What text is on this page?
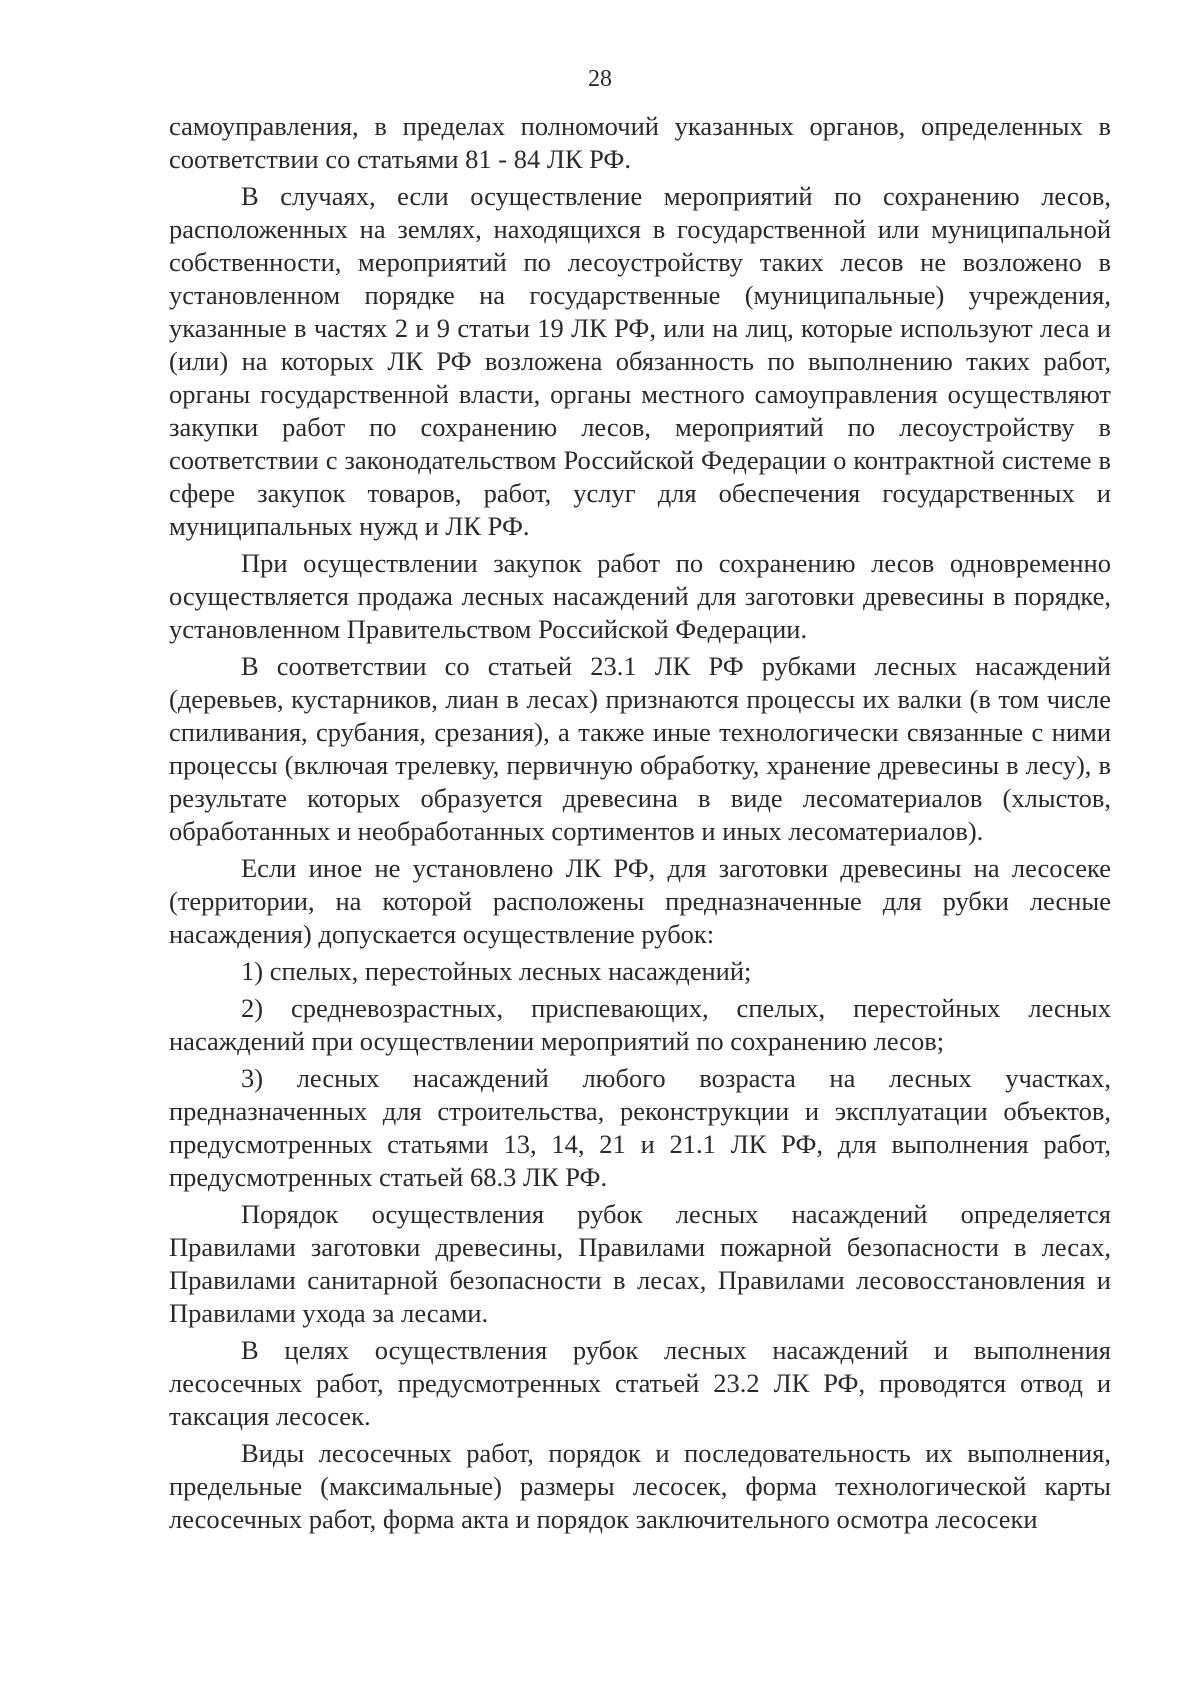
28

самоуправления, в пределах полномочий указанных органов, определенных в соответствии со статьями 81 - 84 ЛК РФ.

В случаях, если осуществление мероприятий по сохранению лесов, расположенных на землях, находящихся в государственной или муниципальной собственности, мероприятий по лесоустройству таких лесов не возложено в установленном порядке на государственные (муниципальные) учреждения, указанные в частях 2 и 9 статьи 19 ЛК РФ, или на лиц, которые используют леса и (или) на которых ЛК РФ возложена обязанность по выполнению таких работ, органы государственной власти, органы местного самоуправления осуществляют закупки работ по сохранению лесов, мероприятий по лесоустройству в соответствии с законодательством Российской Федерации о контрактной системе в сфере закупок товаров, работ, услуг для обеспечения государственных и муниципальных нужд и ЛК РФ.

При осуществлении закупок работ по сохранению лесов одновременно осуществляется продажа лесных насаждений для заготовки древесины в порядке, установленном Правительством Российской Федерации.

В соответствии со статьей 23.1 ЛК РФ рубками лесных насаждений (деревьев, кустарников, лиан в лесах) признаются процессы их валки (в том числе спиливания, срубания, срезания), а также иные технологически связанные с ними процессы (включая трелевку, первичную обработку, хранение древесины в лесу), в результате которых образуется древесина в виде лесоматериалов (хлыстов, обработанных и необработанных сортиментов и иных лесоматериалов).

Если иное не установлено ЛК РФ, для заготовки древесины на лесосеке (территории, на которой расположены предназначенные для рубки лесные насаждения) допускается осуществление рубок:

1) спелых, перестойных лесных насаждений;

2) средневозрастных, приспевающих, спелых, перестойных лесных насаждений при осуществлении мероприятий по сохранению лесов;

3) лесных насаждений любого возраста на лесных участках, предназначенных для строительства, реконструкции и эксплуатации объектов, предусмотренных статьями 13, 14, 21 и 21.1 ЛК РФ, для выполнения работ, предусмотренных статьей 68.3 ЛК РФ.

Порядок осуществления рубок лесных насаждений определяется Правилами заготовки древесины, Правилами пожарной безопасности в лесах, Правилами санитарной безопасности в лесах, Правилами лесовосстановления и Правилами ухода за лесами.

В целях осуществления рубок лесных насаждений и выполнения лесосечных работ, предусмотренных статьей 23.2 ЛК РФ, проводятся отвод и таксация лесосек.

Виды лесосечных работ, порядок и последовательность их выполнения, предельные (максимальные) размеры лесосек, форма технологической карты лесосечных работ, форма акта и порядок заключительного осмотра лесосеки
